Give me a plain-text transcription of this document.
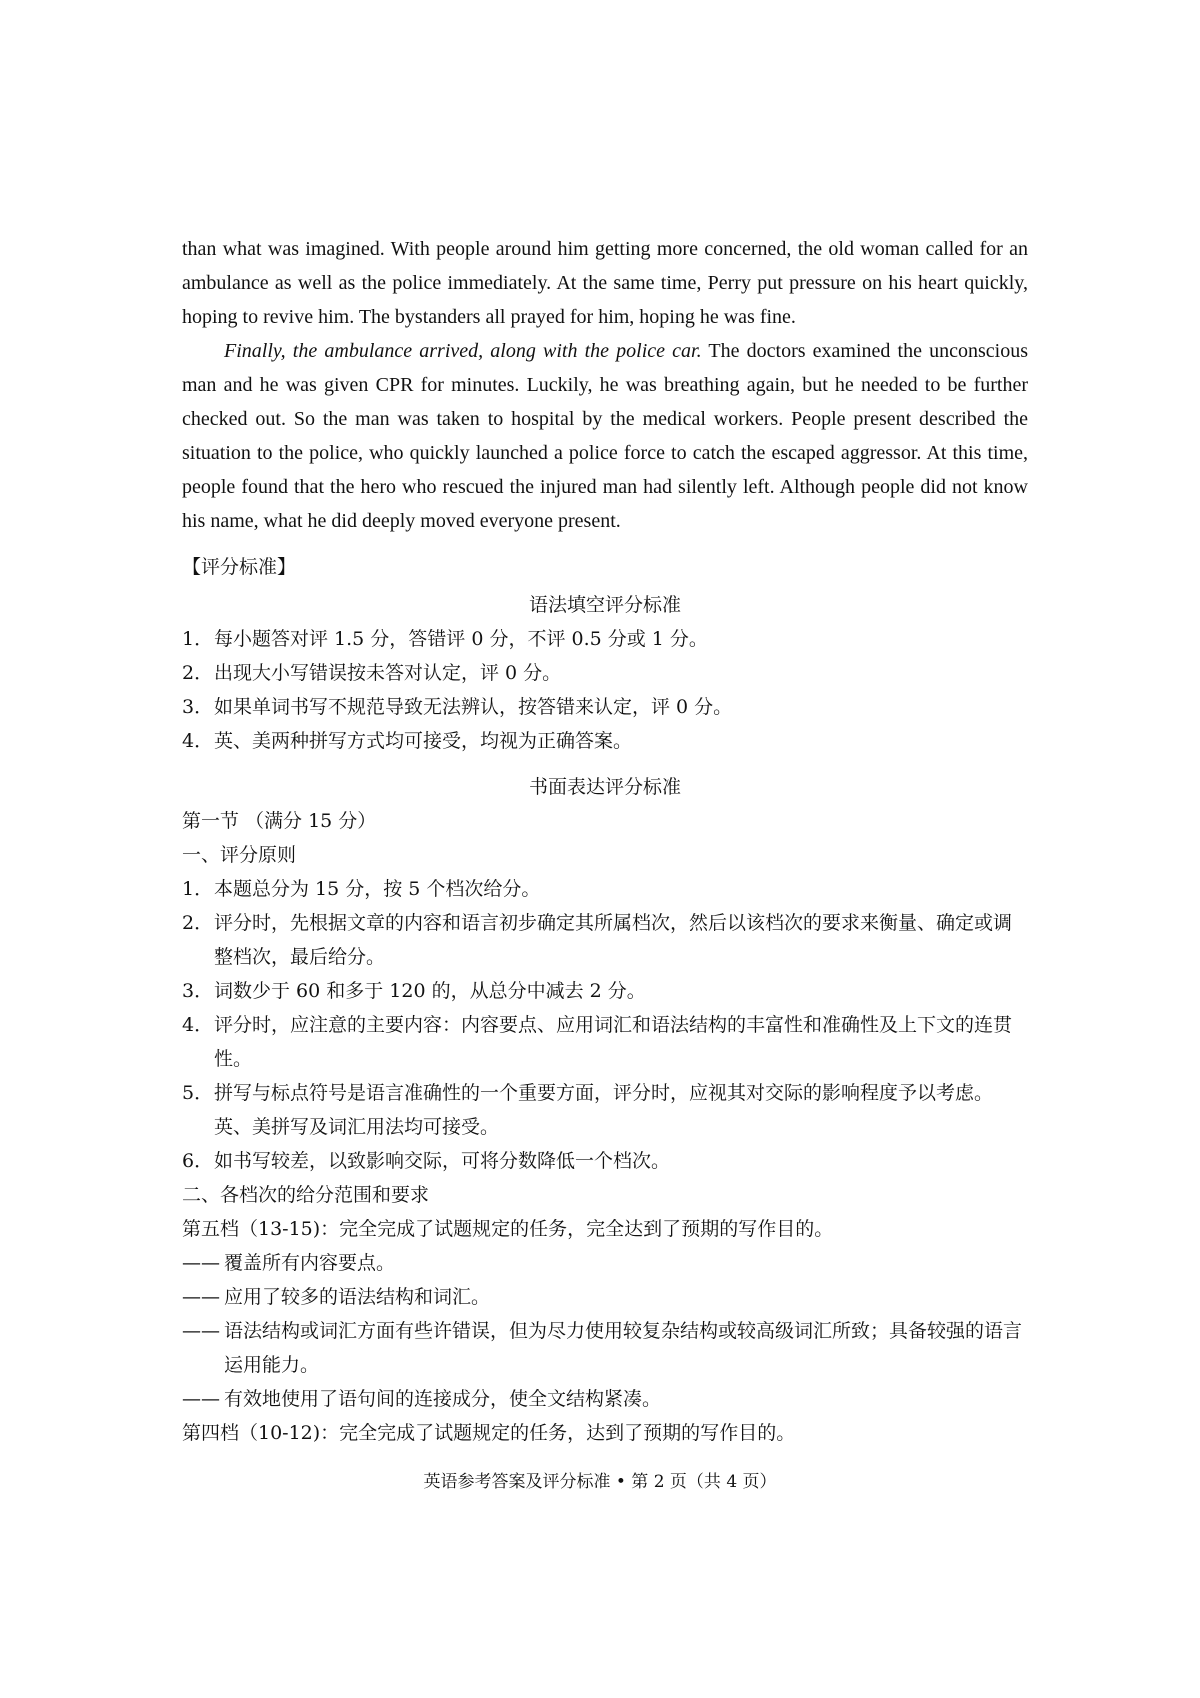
than what was imagined. With people around him getting more concerned, the old woman called for an ambulance as well as the police immediately. At the same time, Perry put pressure on his heart quickly, hoping to revive him. The bystanders all prayed for him, hoping he was fine.

Finally, the ambulance arrived, along with the police car. The doctors examined the unconscious man and he was given CPR for minutes. Luckily, he was breathing again, but he needed to be further checked out. So the man was taken to hospital by the medical workers. People present described the situation to the police, who quickly launched a police force to catch the escaped aggressor. At this time, people found that the hero who rescued the injured man had silently left. Although people did not know his name, what he did deeply moved everyone present.

【评分标准】

语法填空评分标准

1． 每小题答对评 1.5 分，答错评 0 分，不评 0.5 分或 1 分。
2． 出现大小写错误按未答对认定，评 0 分。
3． 如果单词书写不规范导致无法辨认，按答错来认定，评 0 分。
4． 英、美两种拼写方式均可接受，均视为正确答案。

书面表达评分标准

第一节 （满分 15 分）

一、评分原则

1． 本题总分为 15 分，按 5 个档次给分。
2． 评分时，先根据文章的内容和语言初步确定其所属档次，然后以该档次的要求来衡量、确定或调整档次，最后给分。
3． 词数少于 60 和多于 120 的，从总分中减去 2 分。
4． 评分时，应注意的主要内容：内容要点、应用词汇和语法结构的丰富性和准确性及上下文的连贯性。
5． 拼写与标点符号是语言准确性的一个重要方面，评分时，应视其对交际的影响程度予以考虑。英、美拼写及词汇用法均可接受。
6． 如书写较差，以致影响交际，可将分数降低一个档次。

二、各档次的给分范围和要求

第五档（13-15)：完全完成了试题规定的任务，完全达到了预期的写作目的。

—— 覆盖所有内容要点。
—— 应用了较多的语法结构和词汇。
—— 语法结构或词汇方面有些许错误，但为尽力使用较复杂结构或较高级词汇所致；具备较强的语言运用能力。
—— 有效地使用了语句间的连接成分，使全文结构紧凑。

第四档（10-12)：完全完成了试题规定的任务，达到了预期的写作目的。

英语参考答案及评分标准 • 第 2 页（共 4 页）
